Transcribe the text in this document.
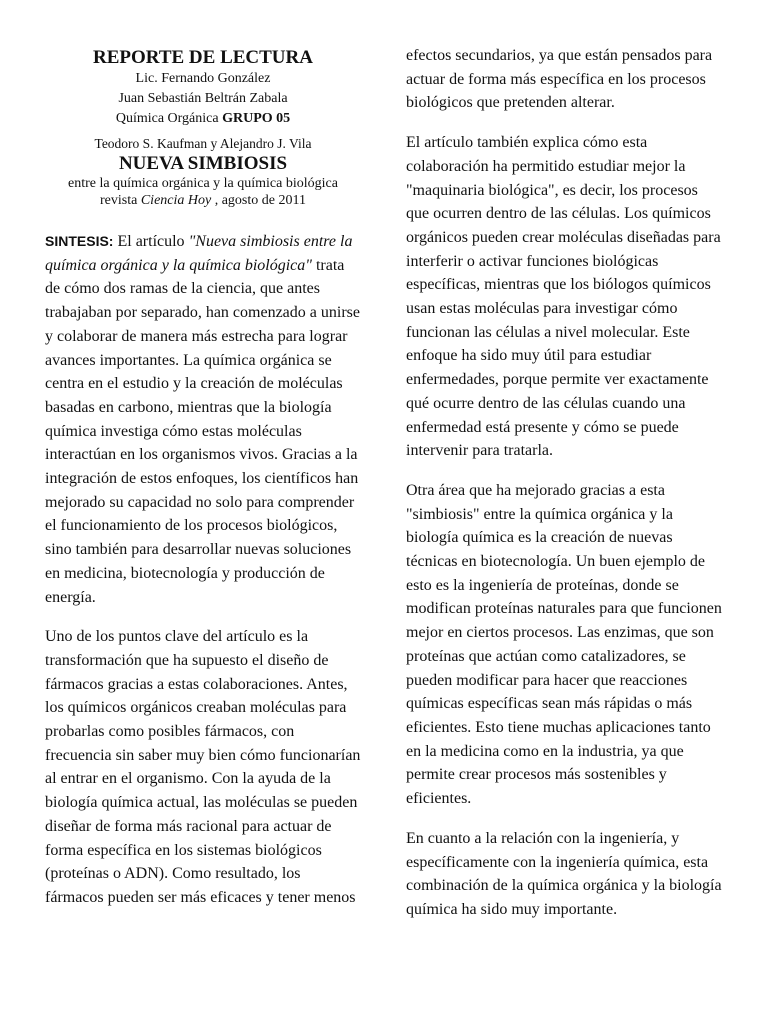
REPORTE DE LECTURA
Lic. Fernando González
Juan Sebastián Beltrán Zabala
Química Orgánica GRUPO 05
Teodoro S. Kaufman y Alejandro J. Vila
NUEVA SIMBIOSIS
entre la química orgánica y la química biológica
revista Ciencia Hoy , agosto de 2011

SINTESIS: El artículo "Nueva simbiosis entre la química orgánica y la química biológica" trata de cómo dos ramas de la ciencia, que antes trabajaban por separado, han comenzado a unirse y colaborar de manera más estrecha para lograr avances importantes. La química orgánica se centra en el estudio y la creación de moléculas basadas en carbono, mientras que la biología química investiga cómo estas moléculas interactúan en los organismos vivos. Gracias a la integración de estos enfoques, los científicos han mejorado su capacidad no solo para comprender el funcionamiento de los procesos biológicos, sino también para desarrollar nuevas soluciones en medicina, biotecnología y producción de energía.

Uno de los puntos clave del artículo es la transformación que ha supuesto el diseño de fármacos gracias a estas colaboraciones. Antes, los químicos orgánicos creaban moléculas para probarlas como posibles fármacos, con frecuencia sin saber muy bien cómo funcionarían al entrar en el organismo. Con la ayuda de la biología química actual, las moléculas se pueden diseñar de forma más racional para actuar de forma específica en los sistemas biológicos (proteínas o ADN). Como resultado, los fármacos pueden ser más eficaces y tener menos

efectos secundarios, ya que están pensados para actuar de forma más específica en los procesos biológicos que pretenden alterar.

El artículo también explica cómo esta colaboración ha permitido estudiar mejor la "maquinaria biológica", es decir, los procesos que ocurren dentro de las células. Los químicos orgánicos pueden crear moléculas diseñadas para interferir o activar funciones biológicas específicas, mientras que los biólogos químicos usan estas moléculas para investigar cómo funcionan las células a nivel molecular. Este enfoque ha sido muy útil para estudiar enfermedades, porque permite ver exactamente qué ocurre dentro de las células cuando una enfermedad está presente y cómo se puede intervenir para tratarla.

Otra área que ha mejorado gracias a esta "simbiosis" entre la química orgánica y la biología química es la creación de nuevas técnicas en biotecnología. Un buen ejemplo de esto es la ingeniería de proteínas, donde se modifican proteínas naturales para que funcionen mejor en ciertos procesos. Las enzimas, que son proteínas que actúan como catalizadores, se pueden modificar para hacer que reacciones químicas específicas sean más rápidas o más eficientes. Esto tiene muchas aplicaciones tanto en la medicina como en la industria, ya que permite crear procesos más sostenibles y eficientes.

En cuanto a la relación con la ingeniería, y específicamente con la ingeniería química, esta combinación de la química orgánica y la biología química ha sido muy importante.
